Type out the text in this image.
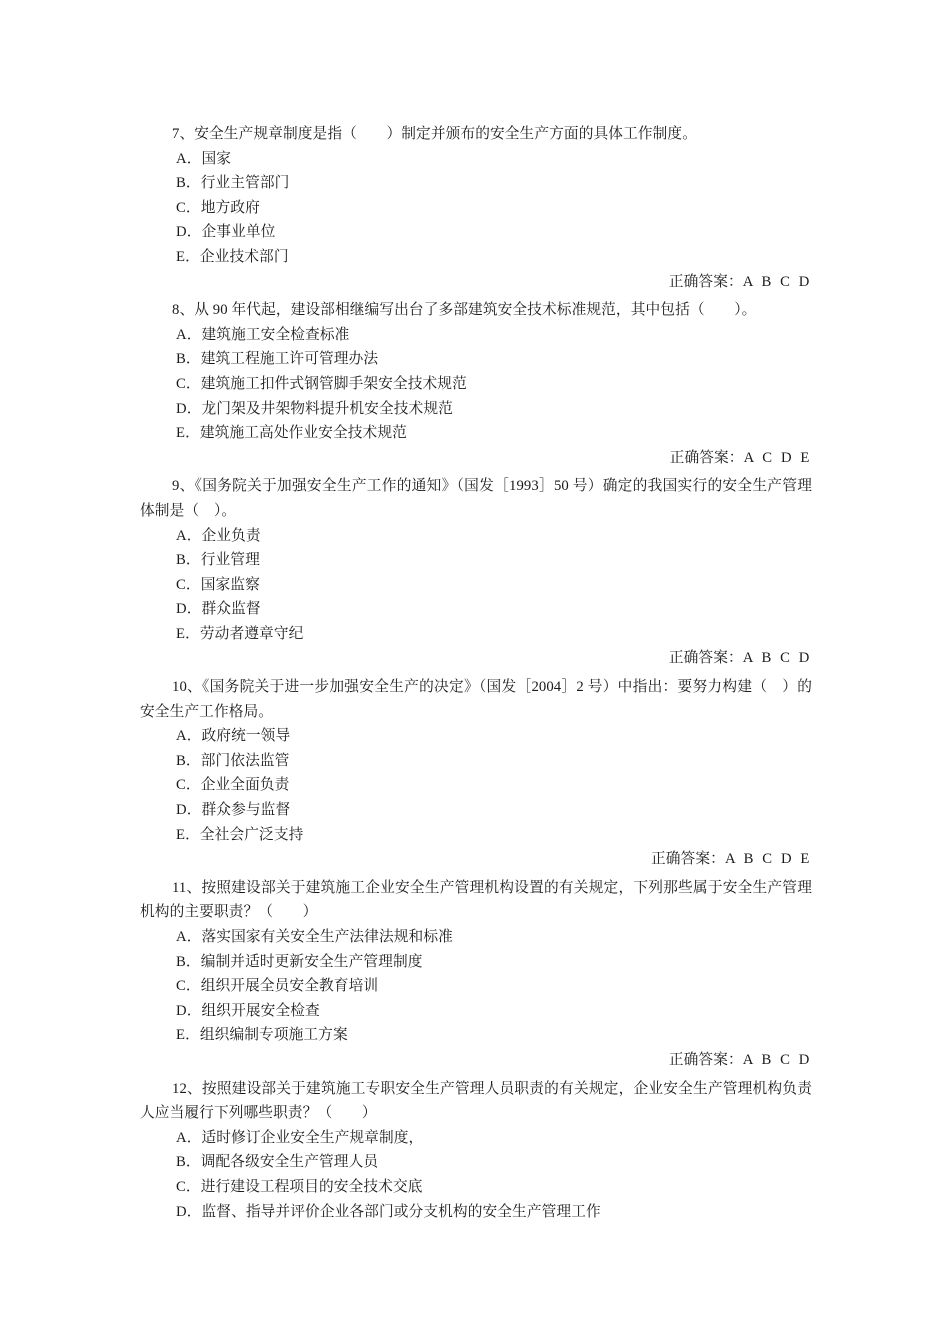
7、安全生产规章制度是指（　　）制定并颁布的安全生产方面的具体工作制度。

A．国家

B．行业主管部门

C．地方政府

D．企事业单位

E．企业技术部门

正确答案：A B C D

8、从 90 年代起，建设部相继编写出台了多部建筑安全技术标准规范，其中包括（　　）。

A．建筑施工安全检查标准

B．建筑工程施工许可管理办法

C．建筑施工扣件式钢管脚手架安全技术规范

D．龙门架及井架物料提升机安全技术规范

E．建筑施工高处作业安全技术规范

正确答案：A C D E

9、《国务院关于加强安全生产工作的通知》（国发［1993］50 号）确定的我国实行的安全生产管理体制是（　）。

A．企业负责

B．行业管理

C．国家监察

D．群众监督

E．劳动者遵章守纪

正确答案：A B C D

10、《国务院关于进一步加强安全生产的决定》（国发［2004］2 号）中指出：要努力构建（　）的安全生产工作格局。

A．政府统一领导

B．部门依法监管

C．企业全面负责

D．群众参与监督

E．全社会广泛支持

正确答案：A B C D E

11、按照建设部关于建筑施工企业安全生产管理机构设置的有关规定，下列那些属于安全生产管理机构的主要职责？（　　）

A．落实国家有关安全生产法律法规和标准

B．编制并适时更新安全生产管理制度

C．组织开展全员安全教育培训

D．组织开展安全检查

E．组织编制专项施工方案

正确答案：A B C D

12、按照建设部关于建筑施工专职安全生产管理人员职责的有关规定，企业安全生产管理机构负责人应当履行下列哪些职责？（　　）

A．适时修订企业安全生产规章制度，

B．调配各级安全生产管理人员

C．进行建设工程项目的安全技术交底

D．监督、指导并评价企业各部门或分支机构的安全生产管理工作
